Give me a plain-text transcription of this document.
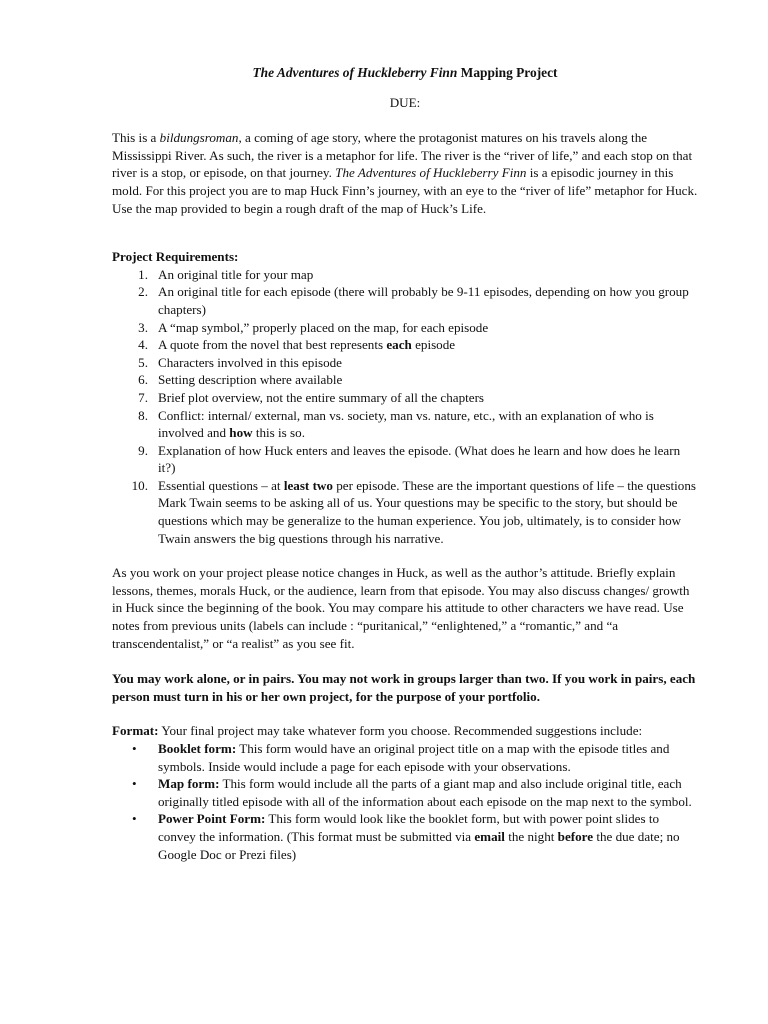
The Adventures of Huckleberry Finn Mapping Project

DUE:
This is a bildungsroman, a coming of age story, where the protagonist matures on his travels along the Mississippi River. As such, the river is a metaphor for life. The river is the “river of life,” and each stop on that river is a stop, or episode, on that journey. The Adventures of Huckleberry Finn is a episodic journey in this mold. For this project you are to map Huck Finn’s journey, with an eye to the “river of life” metaphor for Huck. Use the map provided to begin a rough draft of the map of Huck’s Life.
Project Requirements:
1. An original title for your map
2. An original title for each episode (there will probably be 9-11 episodes, depending on how you group chapters)
3. A “map symbol,” properly placed on the map, for each episode
4. A quote from the novel that best represents each episode
5. Characters involved in this episode
6. Setting description where available
7. Brief plot overview, not the entire summary of all the chapters
8. Conflict: internal/ external, man vs. society, man vs. nature, etc., with an explanation of who is involved and how this is so.
9. Explanation of how Huck enters and leaves the episode. (What does he learn and how does he learn it?)
10. Essential questions – at least two per episode. These are the important questions of life – the questions Mark Twain seems to be asking all of us. Your questions may be specific to the story, but should be questions which may be generalize to the human experience. You job, ultimately, is to consider how Twain answers the big questions through his narrative.
As you work on your project please notice changes in Huck, as well as the author’s attitude. Briefly explain lessons, themes, morals Huck, or the audience, learn from that episode. You may also discuss changes/ growth in Huck since the beginning of the book. You may compare his attitude to other characters we have read. Use notes from previous units (labels can include : “puritanical,” “enlightened,” a “romantic,” and “a transcendentalist,” or “a realist” as you see fit.
You may work alone, or in pairs. You may not work in groups larger than two. If you work in pairs, each person must turn in his or her own project, for the purpose of your portfolio.
Format: Your final project may take whatever form you choose. Recommended suggestions include:
• Booklet form: This form would have an original project title on a map with the episode titles and symbols. Inside would include a page for each episode with your observations.
• Map form: This form would include all the parts of a giant map and also include original title, each originally titled episode with all of the information about each episode on the map next to the symbol.
• Power Point Form: This form would look like the booklet form, but with power point slides to convey the information. (This format must be submitted via email the night before the due date; no Google Doc or Prezi files)
